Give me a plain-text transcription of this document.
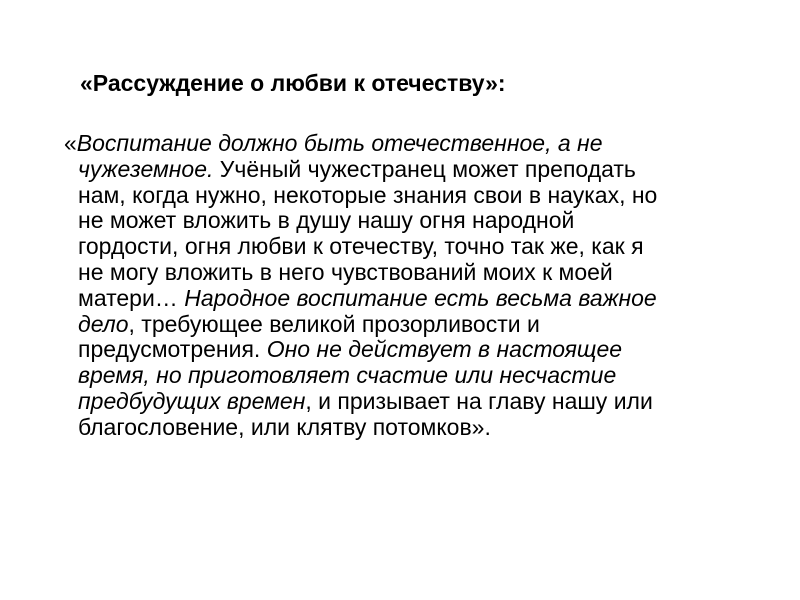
«Рассуждение о любви к отечеству»:
«Воспитание должно быть отечественное, а не
чужеземное. Учёный чужестранец может преподать
нам, когда нужно, некоторые знания свои в науках, но
не может вложить в душу нашу огня народной
гордости, огня любви к отечеству, точно так же, как я
не могу вложить в него чувствований моих к моей
матери… Народное воспитание есть весьма важное
дело, требующее великой прозорливости и
предусмотрения. Оно не действует в настоящее
время, но приготовляет счастие или несчастие
предбудущих времен, и призывает на главу нашу или
благословение, или клятву потомков».
